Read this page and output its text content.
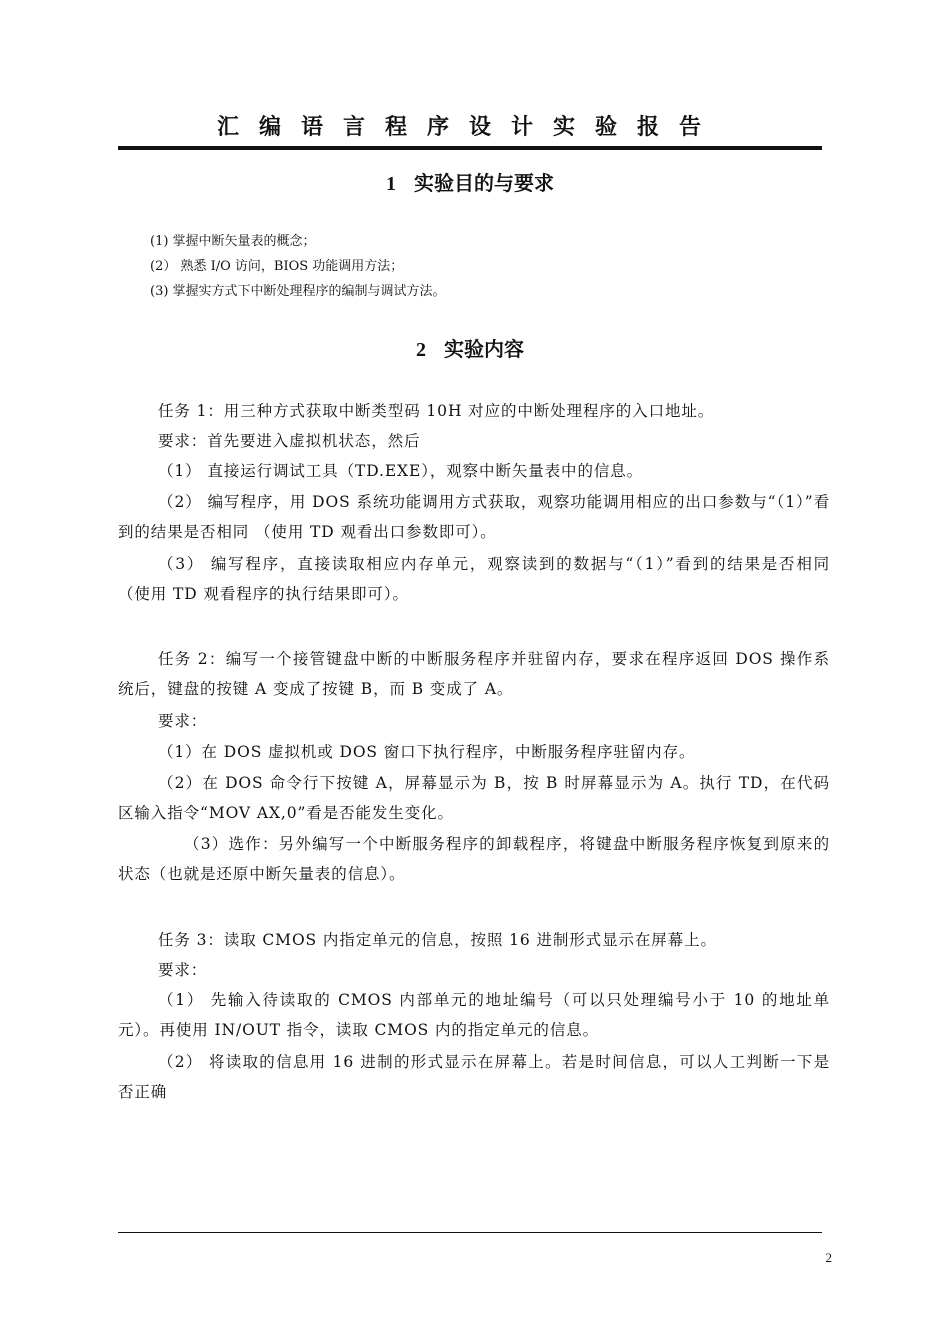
汇编语言程序设计实验报告
1 实验目的与要求
(1) 掌握中断矢量表的概念；
(2） 熟悉 I/O 访问，BIOS 功能调用方法；
(3) 掌握实方式下中断处理程序的编制与调试方法。
2 实验内容
任务 1：用三种方式获取中断类型码 10H 对应的中断处理程序的入口地址。
要求：首先要进入虚拟机状态，然后
（1） 直接运行调试工具（TD.EXE），观察中断矢量表中的信息。
（2） 编写程序，用 DOS 系统功能调用方式获取，观察功能调用相应的出口参数与“（1）”看到的结果是否相同 （使用 TD 观看出口参数即可）。
（3） 编写程序，直接读取相应内存单元，观察读到的数据与“（1）”看到的结果是否相同 （使用 TD 观看程序的执行结果即可）。
任务 2：编写一个接管键盘中断的中断服务程序并驻留内存，要求在程序返回 DOS 操作系统后，键盘的按键 A 变成了按键 B，而 B 变成了 A。
要求：
（1）在 DOS 虚拟机或 DOS 窗口下执行程序，中断服务程序驻留内存。
（2）在 DOS 命令行下按键 A，屏幕显示为 B，按 B 时屏幕显示为 A。执行 TD，在代码区输入指令“MOV AX,0”看是否能发生变化。
（3）选作：另外编写一个中断服务程序的卸载程序，将键盘中断服务程序恢复到原来的状态（也就是还原中断矢量表的信息）。
任务 3：读取 CMOS 内指定单元的信息，按照 16 进制形式显示在屏幕上。
要求：
（1） 先输入待读取的 CMOS 内部单元的地址编号（可以只处理编号小于 10 的地址单元）。再使用 IN/OUT 指令，读取 CMOS 内的指定单元的信息。
（2） 将读取的信息用 16 进制的形式显示在屏幕上。若是时间信息，可以人工判断一下是否正确
2
